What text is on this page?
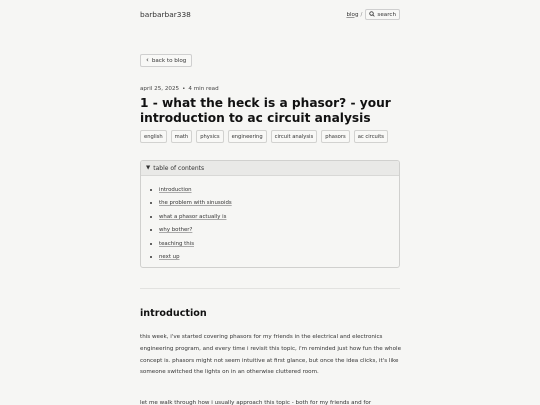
barbarbar338	blog /	search
‹ back to blog
april 25, 2025 • 4 min read
1 - what the heck is a phasor? - your introduction to ac circuit analysis
english	math	physics	engineering	circuit analysis	phasors	ac circuits
▼ table of contents
introduction
the problem with sinusoids
what a phasor actually is
why bother?
teaching this
next up
introduction

this week, i've started covering phasors for my friends in the electrical and electronics engineering program, and every time i revisit this topic, i'm reminded just how fun the whole concept is. phasors might not seem intuitive at first glance, but once the idea clicks, it's like someone switched the lights on in an otherwise cluttered room.

let me walk through how i usually approach this topic - both for my friends and for
